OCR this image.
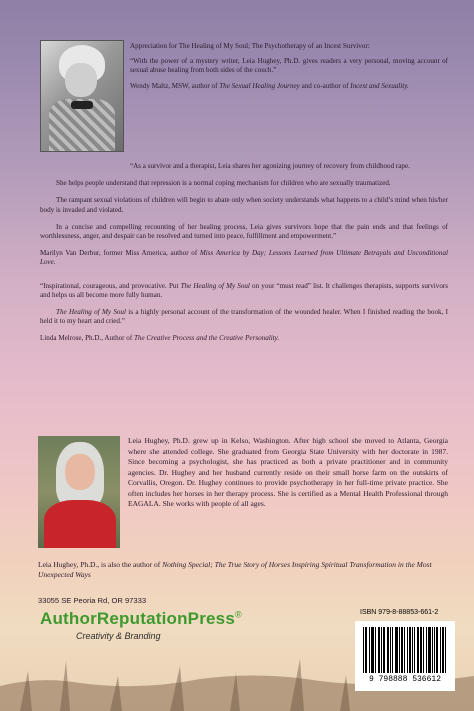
Appreciation for The Healing of My Soul; The Psychotherapy of an Incest Survivor:

“With the power of a mystery writer, Leia Hughey, Ph.D. gives readers a very personal, moving account of sexual abuse healing from both sides of the couch.”

Wendy Maltz, MSW, author of The Sexual Healing Journey and co-author of Incest and Sexuality.

“As a survivor and a therapist, Leia shares her agonizing journey of recovery from childhood rape.

She helps people understand that repression is a normal coping mechanism for children who are sexually traumatized.

The rampant sexual violations of children will begin to abate only when society understands what happens to a child’s mind when his/her body is invaded and violated.

In a concise and compelling recounting of her healing process, Leia gives survivors hope that the pain ends and that feelings of worthlessness, anger, and despair can be resolved and turned into peace, fulfillment and empowerment.”

Marilyn Van Derbur, former Miss America, author of Miss America by Day; Lessons Learned from Ultimate Betrayals and Unconditional Love.

“Inspirational, courageous, and provocative. Put The Healing of My Soul on your “must read” list. It challenges therapists, supports survivors and helps us all become more fully human.

The Healing of My Soul is a highly personal account of the transformation of the wounded healer. When I finished reading the book, I held it to my heart and cried.”

Linda Melrose, Ph.D., Author of The Creative Process and the Creative Personality.

Leia Hughey, Ph.D. grew up in Kelso, Washington. After high school she moved to Atlanta, Georgia where she attended college. She graduated from Georgia State University with her doctorate in 1987. Since becoming a psychologist, she has practiced as both a private practitioner and in community agencies. Dr. Hughey and her husband currently reside on their small horse farm on the outskirts of Corvallis, Oregon. Dr. Hughey continues to provide psychotherapy in her full-time private practice. She often includes her horses in her therapy process. She is certified as a Mental Health Professional through EAGALA. She works with people of all ages.

Leia Hughey, Ph.D., is also the author of Nothing Special; The True Story of Horses Inspiring Spiritual Transformation in the Most Unexpected Ways

33055 SE Peoria Rd, OR 97333
AuthorReputationPress®
Creativity & Branding
ISBN 979-8-88853-661-2
9 798888 536612
